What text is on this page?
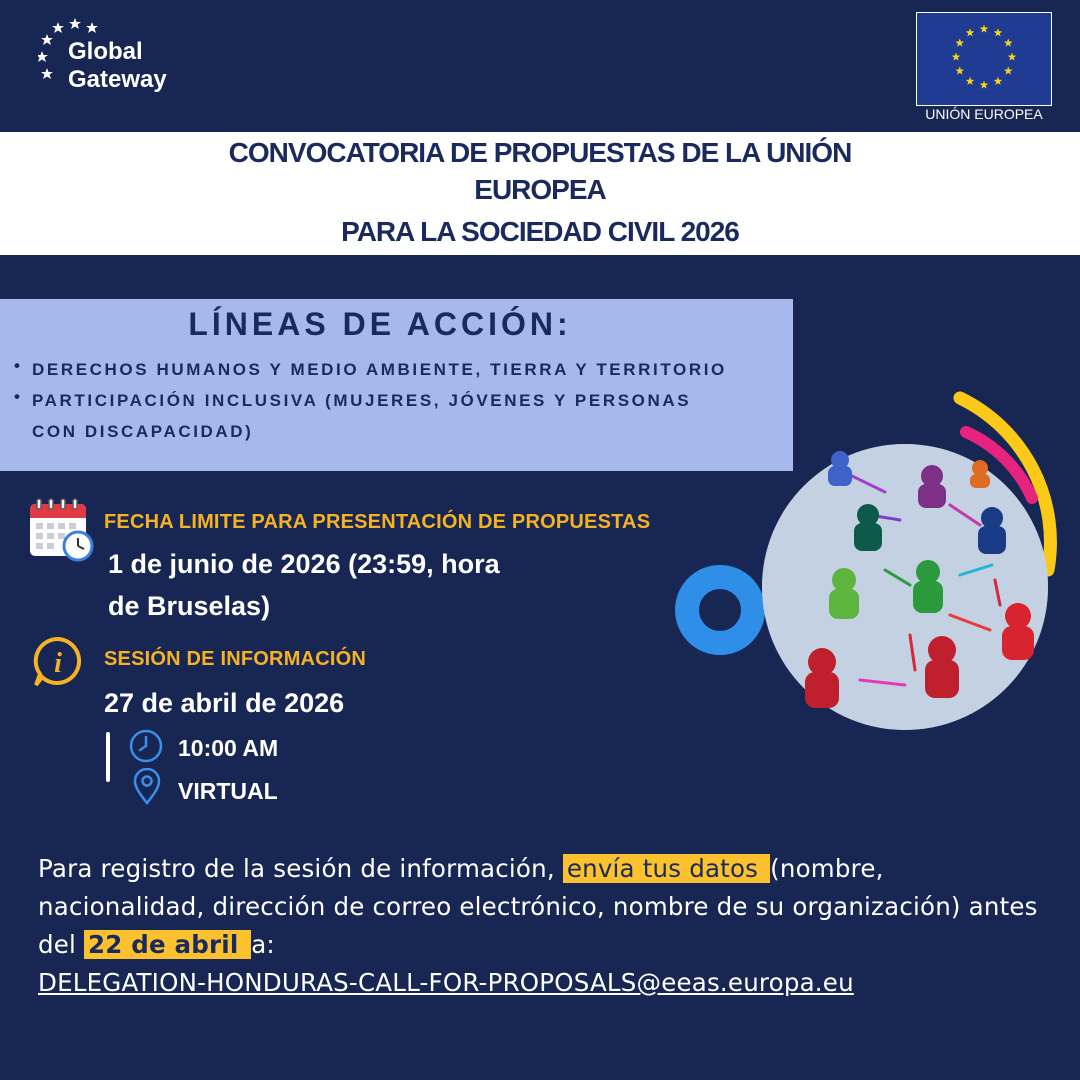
Global
Gateway
UNIÓN EUROPEA
CONVOCATORIA DE PROPUESTAS DE LA UNIÓN
EUROPEA
PARA LA SOCIEDAD CIVIL 2026
LÍNEAS DE ACCIÓN:
• DERECHOS HUMANOS Y MEDIO AMBIENTE, TIERRA Y TERRITORIO
• PARTICIPACIÓN INCLUSIVA (MUJERES, JÓVENES Y PERSONAS
CON DISCAPACIDAD)
FECHA LIMITE PARA PRESENTACIÓN DE PROPUESTAS
1 de junio de 2026 (23:59, hora
de Bruselas)
i SESIÓN DE INFORMACIÓN
27 de abril de 2026
10:00 AM
VIRTUAL
Para registro de la sesión de información, envía tus datos (nombre, nacionalidad, dirección de correo electrónico, nombre de su organización) antes del 22 de abril a:
DELEGATION-HONDURAS-CALL-FOR-PROPOSALS@eeas.europa.eu
